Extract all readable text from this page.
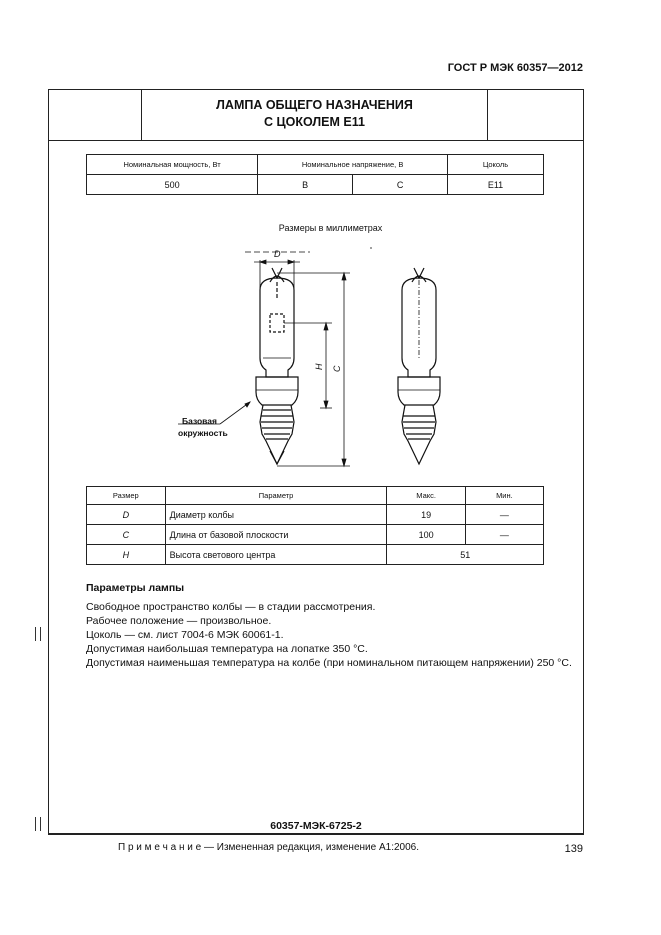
ГОСТ Р МЭК 60357—2012
ЛАМПА ОБЩЕГО НАЗНАЧЕНИЯ
С ЦОКОЛЕМ Е11
Номинальная мощность, Вт	Номинальное напряжение, В		Цоколь
500	В	С	E11
Размеры в миллиметрах
D
H C
Базовая
окружность
Размер	Параметр	Макс.	Мин.
D	Диаметр колбы	19	—
C	Длина от базовой плоскости	100	—
H	Высота светового центра	51	
Параметры лампы
Свободное пространство колбы — в стадии рассмотрения.
Рабочее положение — произвольное.
Цоколь — см. лист 7004-6 МЭК 60061-1.
Допустимая наибольшая температура на лопатке 350 °С.
Допустимая наименьшая температура на колбе (при номинальном питающем напряжении) 250 °С.
60357-МЭК-6725-2
П р и м е ч а н и е — Измененная редакция, изменение А1:2006.	139
